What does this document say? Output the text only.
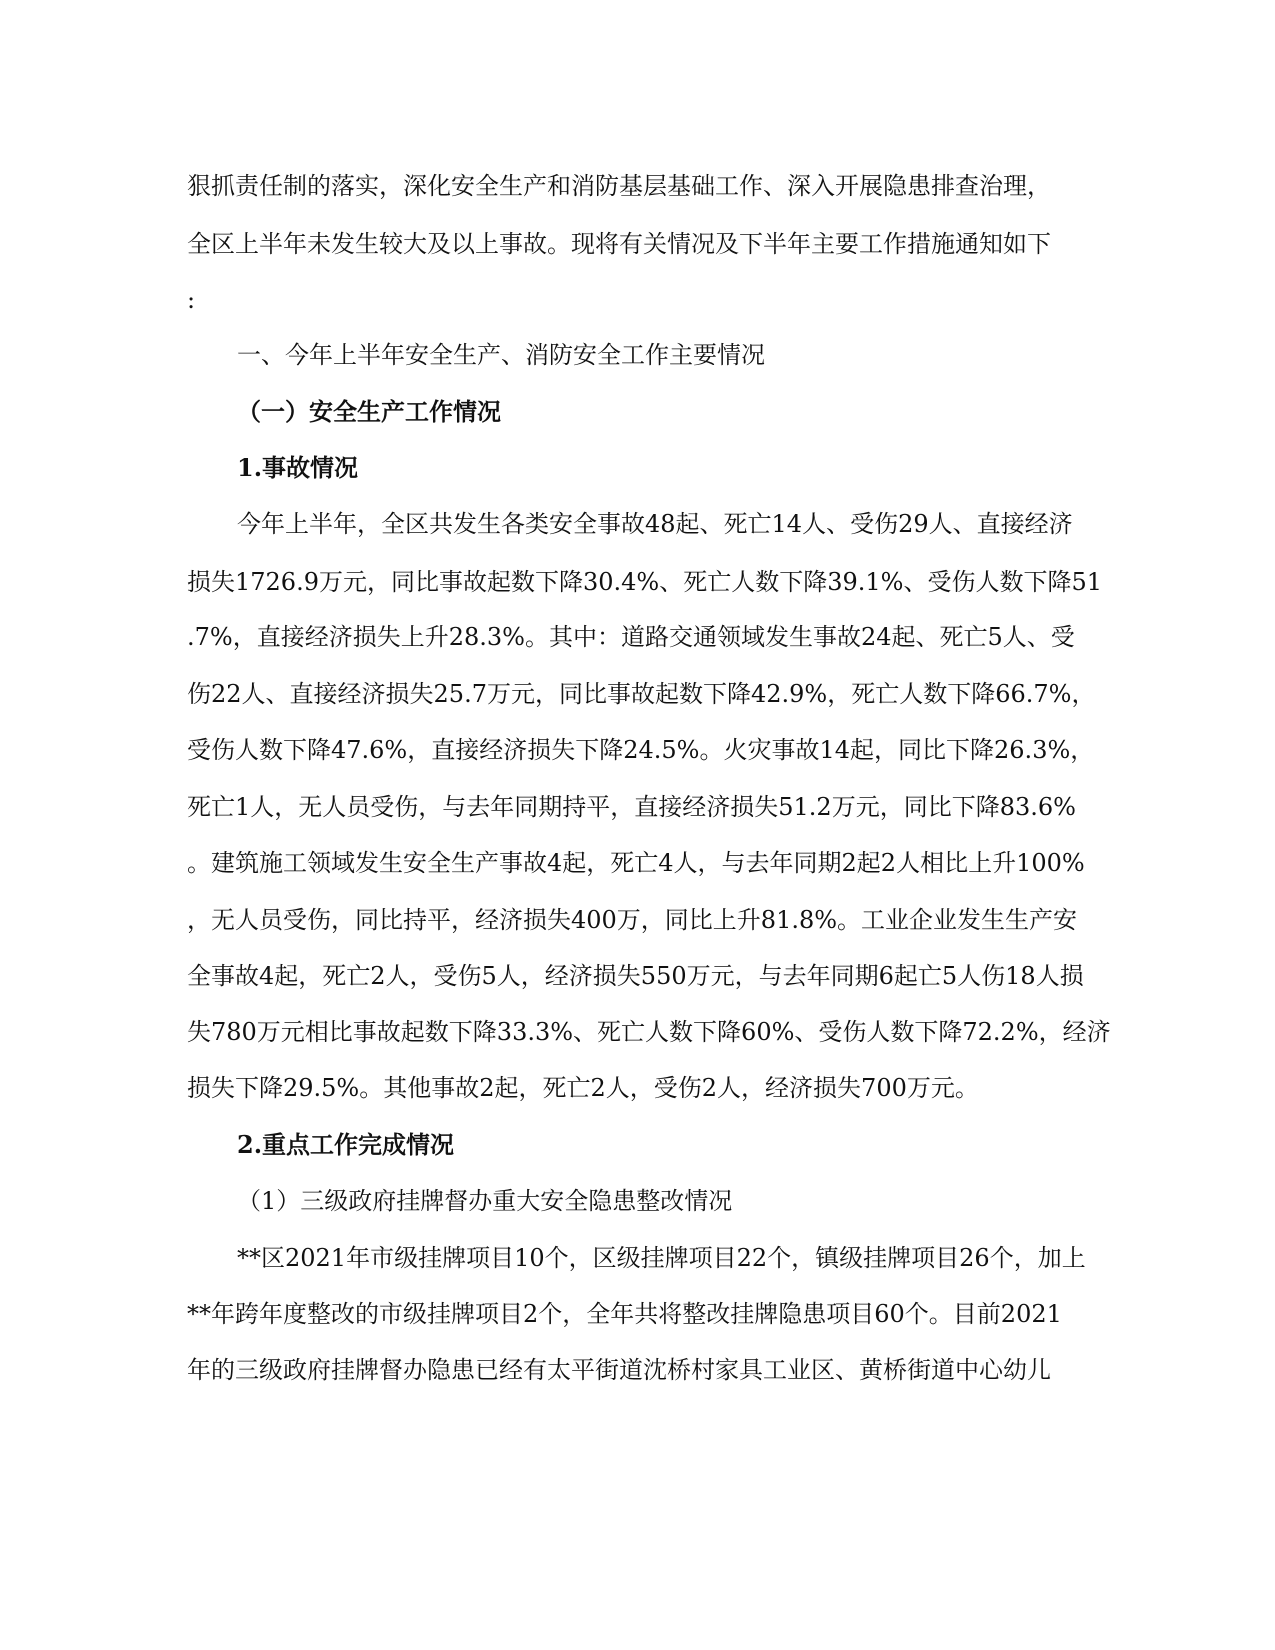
狠抓责任制的落实，深化安全生产和消防基层基础工作、深入开展隐患排查治理，
全区上半年未发生较大及以上事故。现将有关情况及下半年主要工作措施通知如下
:
一、今年上半年安全生产、消防安全工作主要情况
（一）安全生产工作情况
1.事故情况
今年上半年，全区共发生各类安全事故48起、死亡14人、受伤29人、直接经济
损失1726.9万元，同比事故起数下降30.4%、死亡人数下降39.1%、受伤人数下降51
.7%，直接经济损失上升28.3%。其中：道路交通领域发生事故24起、死亡5人、受
伤22人、直接经济损失25.7万元，同比事故起数下降42.9%，死亡人数下降66.7%，
受伤人数下降47.6%，直接经济损失下降24.5%。火灾事故14起，同比下降26.3%，
死亡1人，无人员受伤，与去年同期持平，直接经济损失51.2万元，同比下降83.6%
。建筑施工领域发生安全生产事故4起，死亡4人，与去年同期2起2人相比上升100%
，无人员受伤，同比持平，经济损失400万，同比上升81.8%。工业企业发生生产安
全事故4起，死亡2人，受伤5人，经济损失550万元，与去年同期6起亡5人伤18人损
失780万元相比事故起数下降33.3%、死亡人数下降60%、受伤人数下降72.2%，经济
损失下降29.5%。其他事故2起，死亡2人，受伤2人，经济损失700万元。
2.重点工作完成情况
（1）三级政府挂牌督办重大安全隐患整改情况
**区2021年市级挂牌项目10个，区级挂牌项目22个，镇级挂牌项目26个，加上
**年跨年度整改的市级挂牌项目2个，全年共将整改挂牌隐患项目60个。目前2021
年的三级政府挂牌督办隐患已经有太平街道沈桥村家具工业区、黄桥街道中心幼儿
